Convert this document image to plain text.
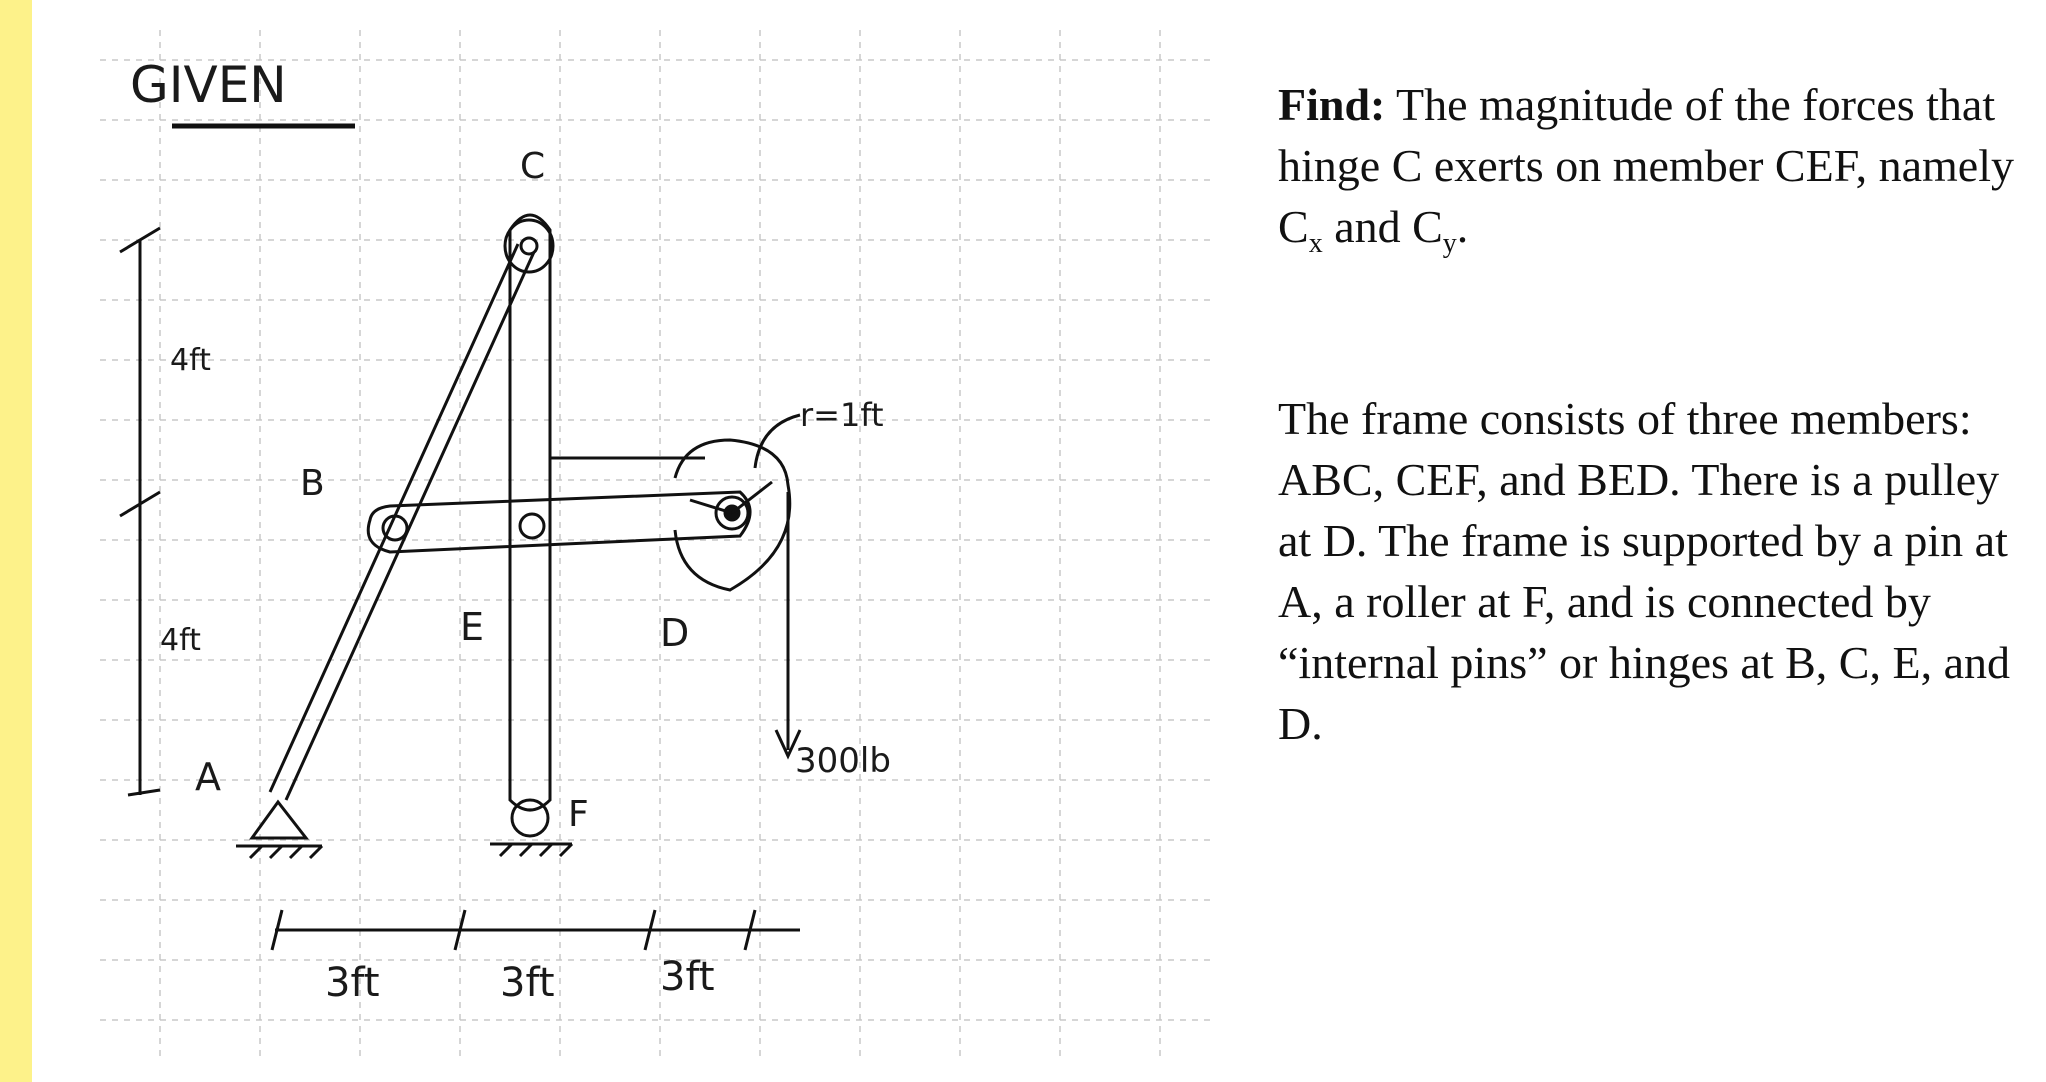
GIVEN
4ft
4ft
r=1ft
300lb
3ft	3ft	3ft
C
B
E	D
A
F
Find: The magnitude of the forces that hinge C exerts on member CEF, namely $C_x$ and $C_y$.
The frame consists of three members: ABC, CEF, and BED. There is a pulley at D. The frame is supported by a pin at A, a roller at F, and is connected by “internal pins” or hinges at B, C, E, and D.
